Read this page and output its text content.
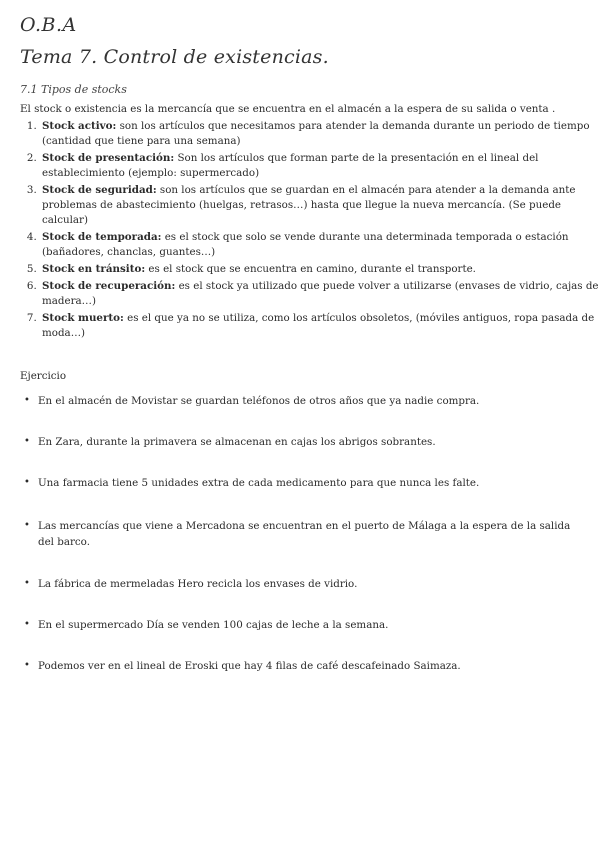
O.B.A
Tema 7. Control de existencias.
7.1 Tipos de stocks
El stock o existencia es la mercancía que se encuentra en el almacén a la espera de su salida o venta .
1. Stock activo: son los artículos que necesitamos para atender la demanda durante un periodo de tiempo (cantidad que tiene para una semana)
2. Stock de presentación: Son los artículos que forman parte de la presentación en el lineal del establecimiento (ejemplo: supermercado)
3. Stock de seguridad: son los artículos que se guardan en el almacén para atender a la demanda ante problemas de abastecimiento (huelgas, retrasos…) hasta que llegue la nueva mercancía. (Se puede calcular)
4. Stock de temporada: es el stock que solo se vende durante una determinada temporada o estación (bañadores, chanclas, guantes…)
5. Stock en tránsito: es el stock que se encuentra en camino, durante el transporte.
6. Stock de recuperación: es el stock ya utilizado que puede volver a utilizarse (envases de vidrio, cajas de madera…)
7. Stock muerto: es el que ya no se utiliza, como los artículos obsoletos, (móviles antiguos, ropa pasada de moda…)
Ejercicio
• En el almacén de Movistar se guardan teléfonos de otros años que ya nadie compra.
• En Zara, durante la primavera se almacenan en cajas los abrigos sobrantes.
• Una farmacia tiene 5 unidades extra de cada medicamento para que nunca les falte.
• Las mercancías que viene a Mercadona se encuentran en el puerto de Málaga a la espera de la salida del barco.
• La fábrica de mermeladas Hero recicla los envases de vidrio.
• En el supermercado Día se venden 100 cajas de leche a la semana.
• Podemos ver en el lineal de Eroski que hay 4 filas de café descafeinado Saimaza.
